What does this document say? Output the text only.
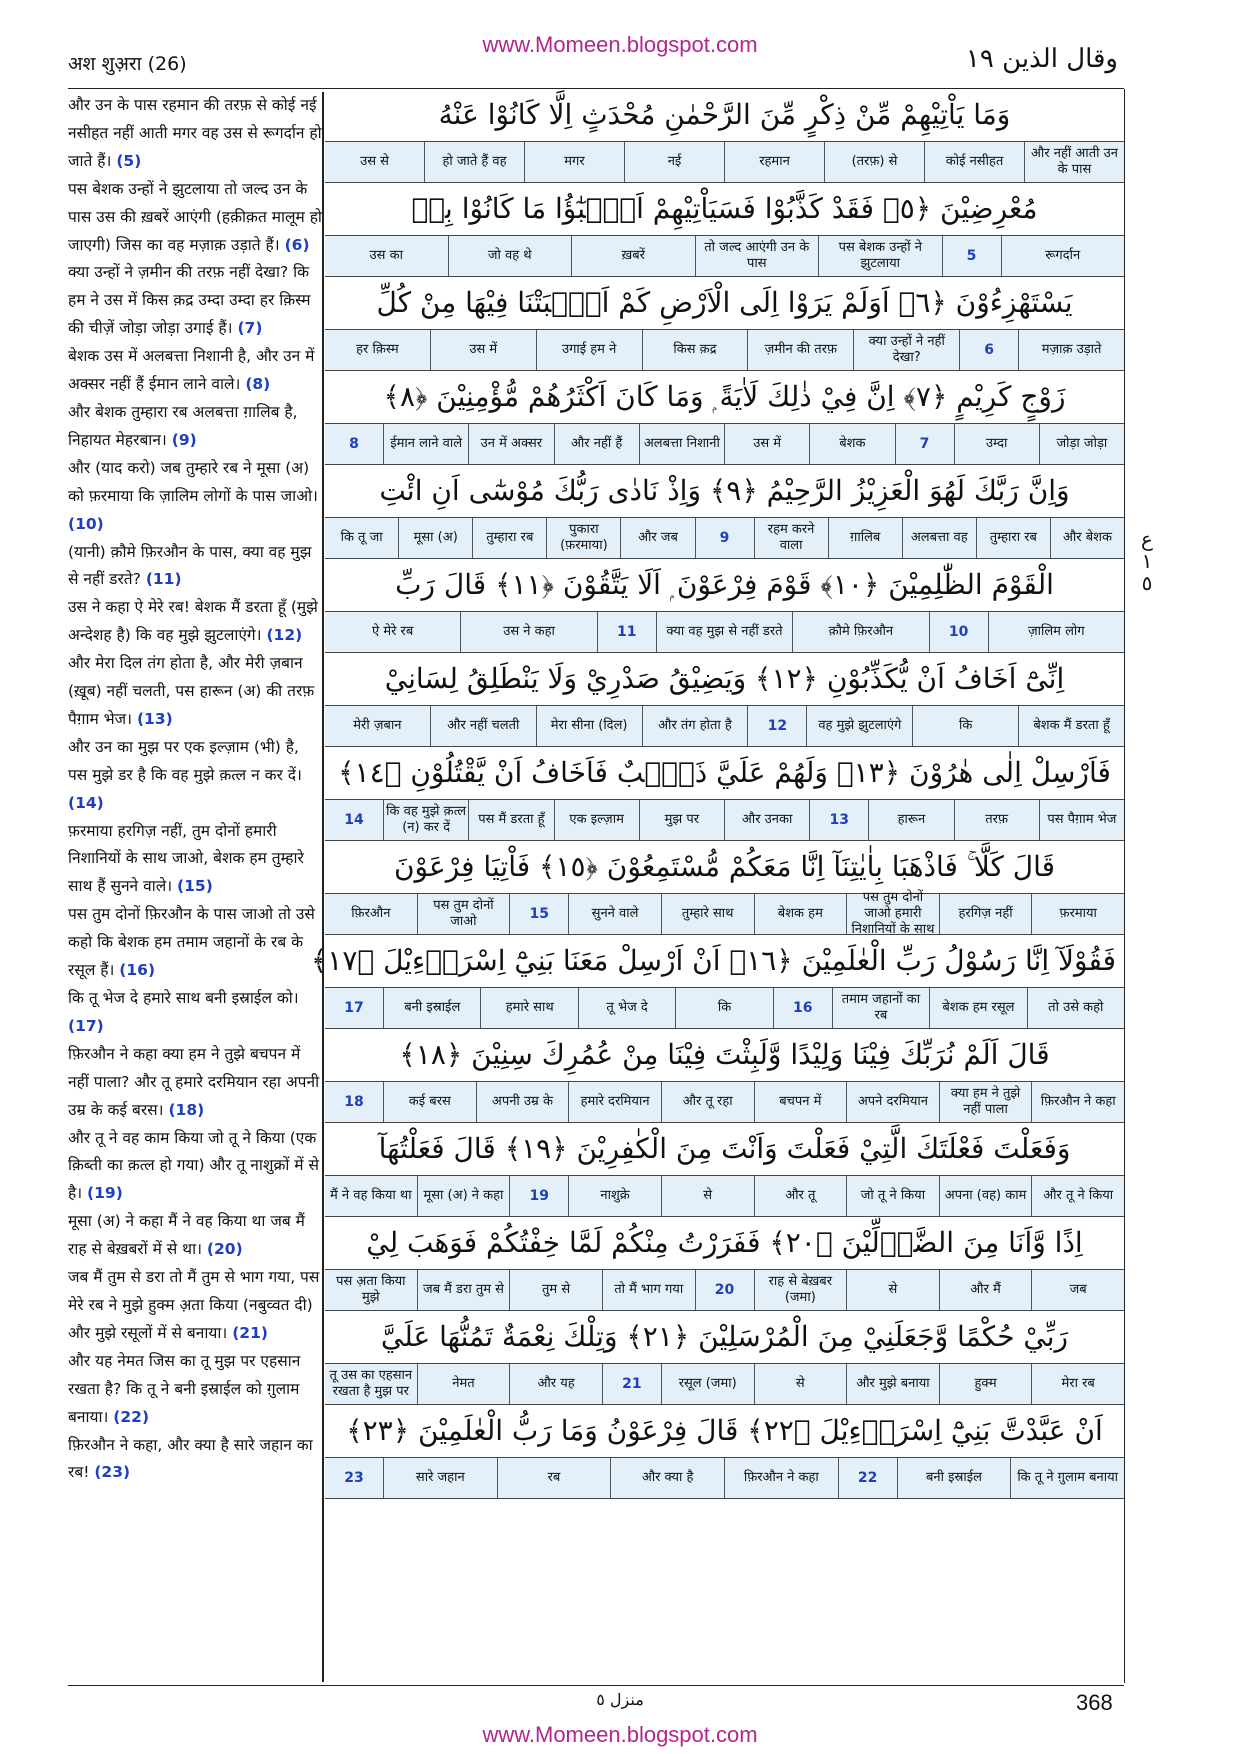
www.Momeen.blogspot.com
अश शुअ़रा (26)	وقال الذين ١٩

और उन के पास रहमान की तरफ़ से कोई नई नसीहत नहीं आती मगर वह उस से रूगर्दान हो जाते हैं। (5)

पस बेशक उन्हों ने झुटलाया तो जल्द उन के पास उस की ख़बरें आएंगी (हक़ीक़त मालूम हो जाएगी) जिस का वह मज़ाक़ उड़ाते हैं। (6)

क्या उन्हों ने ज़मीन की तरफ़ नहीं देखा? कि हम ने उस में किस क़द्र उम्दा उम्दा हर क़िस्म की चीज़ें जोड़ा जोड़ा उगाई हैं। (7)

बेशक उस में अलबत्ता निशानी है, और उन में अक्सर नहीं हैं ईमान लाने वाले। (8)

और बेशक तुम्हारा रब अलबत्ता ग़ालिब है, निहायत मेहरबान। (9)

और (याद करो) जब तुम्हारे रब ने मूसा (अ) को फ़रमाया कि ज़ालिम लोगों के पास जाओ। (10)

(यानी) क़ौमे फ़िरऔन के पास, क्या वह मुझ से नहीं डरते? (11)

उस ने कहा ऐ मेरे रब! बेशक मैं डरता हूँ (मुझे अन्देशह है) कि वह मुझे झुटलाएंगे। (12)

और मेरा दिल तंग होता है, और मेरी ज़बान (ख़ूब) नहीं चलती, पस हारून (अ) की तरफ़ पैग़ाम भेज। (13)

और उन का मुझ पर एक इल्ज़ाम (भी) है, पस मुझे डर है कि वह मुझे क़त्ल न कर दें। (14)

फ़रमाया हरगिज़ नहीं, तुम दोनों हमारी निशानियों के साथ जाओ, बेशक हम तुम्हारे साथ हैं सुनने वाले। (15)

पस तुम दोनों फ़िरऔन के पास जाओ तो उसे कहो कि बेशक हम तमाम जहानों के रब के रसूल हैं। (16)

कि तू भेज दे हमारे साथ बनी इस्राईल को। (17)

फ़िरऔन ने कहा क्या हम ने तुझे बचपन में नहीं पाला? और तू हमारे दरमियान रहा अपनी उम्र के कई बरस। (18)

और तू ने वह काम किया जो तू ने किया (एक क़िब्ती का क़त्ल हो गया) और तू नाशुक्रों में से है। (19)

मूसा (अ) ने कहा मैं ने वह किया था जब मैं राह से बेख़बरों में से था। (20)

जब मैं तुम से डरा तो मैं तुम से भाग गया, पस मेरे रब ने मुझे हुक्म अ़ता किया (नबुव्वत दी) और मुझे रसूलों में से बनाया। (21)

और यह नेमत जिस का तू मुझ पर एहसान रखता है? कि तू ने बनी इस्राईल को ग़ुलाम बनाया। (22)

फ़िरऔन ने कहा, और क्या है सारे जहान का रब! (23)

وَمَا يَاْتِيْهِمْ مِّنْ ذِكْرٍ مِّنَ الرَّحْمٰنِ مُحْدَثٍ اِلَّا كَانُوْا عَنْهُ
और नहीं आती उन के पास
कोई नसीहत
(तरफ़) से
रहमान
नई
मगर
हो जाते हैं वह
उस से
مُعْرِضِيْنَ ﴿٥﴾ فَقَدْ كَذَّبُوْا فَسَيَاْتِيْهِمْ اَنْۢبٰٓؤُا مَا كَانُوْا بِهٖ
रूगर्दान
5
पस बेशक उन्हों ने झुटलाया
तो जल्द आएंगी उन के पास
ख़बरें
जो वह थे
उस का
يَسْتَهْزِءُوْنَ ﴿٦﴾ اَوَلَمْ يَرَوْا اِلَى الْاَرْضِ كَمْ اَنْۢبَتْنَا فِيْهَا مِنْ كُلِّ
मज़ाक़ उड़ाते
6
क्या उन्हों ने नहीं देखा?
ज़मीन की तरफ़
किस क़द्र
उगाई हम ने
उस में
हर क़िस्म
زَوْجٍ كَرِيْمٍ ﴿٧﴾ اِنَّ فِيْ ذٰلِكَ لَاٰيَةً ۭ وَمَا كَانَ اَكْثَرُهُمْ مُّؤْمِنِيْنَ ﴿٨﴾
जोड़ा जोड़ा
उम्दा
7
बेशक
उस में
अलबत्ता निशानी
और नहीं हैं
उन में अक्सर
ईमान लाने वाले
8
وَاِنَّ رَبَّكَ لَهُوَ الْعَزِيْزُ الرَّحِيْمُ ﴿٩﴾ وَاِذْ نَادٰى رَبُّكَ مُوْسٰٓى اَنِ ائْتِ
और बेशक
तुम्हारा रब
अलबत्ता वह
ग़ालिब
रहम करने वाला
9
और जब
पुकारा (फ़रमाया)
तुम्हारा रब
मूसा (अ)
कि तू जा
الْقَوْمَ الظّٰلِمِيْنَ ﴿١٠﴾ قَوْمَ فِرْعَوْنَ ۭ اَلَا يَتَّقُوْنَ ﴿١١﴾ قَالَ رَبِّ
ज़ालिम लोग
10
क़ौमे फ़िरऔन
क्या वह मुझ से नहीं डरते
11
उस ने कहा
ऐ मेरे रब
اِنِّىْٓ اَخَافُ اَنْ يُّكَذِّبُوْنِ ﴿١٢﴾ وَيَضِيْقُ صَدْرِيْ وَلَا يَنْطَلِقُ لِسَانِيْ
बेशक मैं डरता हूँ
कि
वह मुझे झुटलाएंगे
12
और तंग होता है
मेरा सीना (दिल)
और नहीं चलती
मेरी ज़बान
فَاَرْسِلْ اِلٰى هٰرُوْنَ ﴿١٣﴾ وَلَهُمْ عَلَيَّ ذَنْۢبٌ فَاَخَافُ اَنْ يَّقْتُلُوْنِ ﴿١٤﴾
पस पैग़ाम भेज
तरफ़
हारून
13
और उनका
मुझ पर
एक इल्ज़ाम
पस मैं डरता हूँ
कि वह मुझे क़त्ल (न) कर दें
14
قَالَ كَلَّا ۚ فَاذْهَبَا بِاٰيٰتِنَآ اِنَّا مَعَكُمْ مُّسْتَمِعُوْنَ ﴿١٥﴾ فَاْتِيَا فِرْعَوْنَ
फ़रमाया
हरगिज़ नहीं
पस तुम दोनों जाओ हमारी निशानियों के साथ
बेशक हम
तुम्हारे साथ
सुनने वाले
15
पस तुम दोनों जाओ
फ़िरऔन
فَقُوْلَآ اِنَّا رَسُوْلُ رَبِّ الْعٰلَمِيْنَ ﴿١٦﴾ اَنْ اَرْسِلْ مَعَنَا بَنِيْٓ اِسْرَاۗءِيْلَ ﴿١٧﴾
तो उसे कहो
बेशक हम रसूल
तमाम जहानों का रब
16
कि
तू भेज दे
हमारे साथ
बनी इस्राईल
17
قَالَ اَلَمْ نُرَبِّكَ فِيْنَا وَلِيْدًا وَّلَبِثْتَ فِيْنَا مِنْ عُمُرِكَ سِنِيْنَ ﴿١٨﴾
फ़िरऔन ने कहा
क्या हम ने तुझे नहीं पाला
अपने दरमियान
बचपन में
और तू रहा
हमारे दरमियान
अपनी उम्र के
कई बरस
18
وَفَعَلْتَ فَعْلَتَكَ الَّتِيْ فَعَلْتَ وَاَنْتَ مِنَ الْكٰفِرِيْنَ ﴿١٩﴾ قَالَ فَعَلْتُهَآ
और तू ने किया
अपना (वह) काम
जो तू ने किया
और तू
से
नाशुक्रे
19
मूसा (अ) ने कहा
मैं ने वह किया था
اِذًا وَّاَنَا مِنَ الضَّاۗلِّيْنَ ﴿٢٠﴾ فَفَرَرْتُ مِنْكُمْ لَمَّا خِفْتُكُمْ فَوَهَبَ لِيْ
जब
और मैं
से
राह से बेख़बर (जमा)
20
तो मैं भाग गया
तुम से
जब मैं डरा तुम से
पस अ़ता किया मुझे
رَبِّيْ حُكْمًا وَّجَعَلَنِيْ مِنَ الْمُرْسَلِيْنَ ﴿٢١﴾ وَتِلْكَ نِعْمَةٌ تَمُنُّهَا عَلَيَّ
मेरा रब
हुक्म
और मुझे बनाया
से
रसूल (जमा)
21
और यह
नेमत
तू उस का एहसान रखता है मुझ पर
اَنْ عَبَّدْتَّ بَنِيْٓ اِسْرَاۗءِيْلَ ﴿٢٢﴾ قَالَ فِرْعَوْنُ وَمَا رَبُّ الْعٰلَمِيْنَ ﴿٢٣﴾
कि तू ने ग़ुलाम बनाया
बनी इस्राईल
22
फ़िरऔन ने कहा
और क्या है
रब
सारे जहान
23
ع
١
٥
منزل ٥	368
www.Momeen.blogspot.com
